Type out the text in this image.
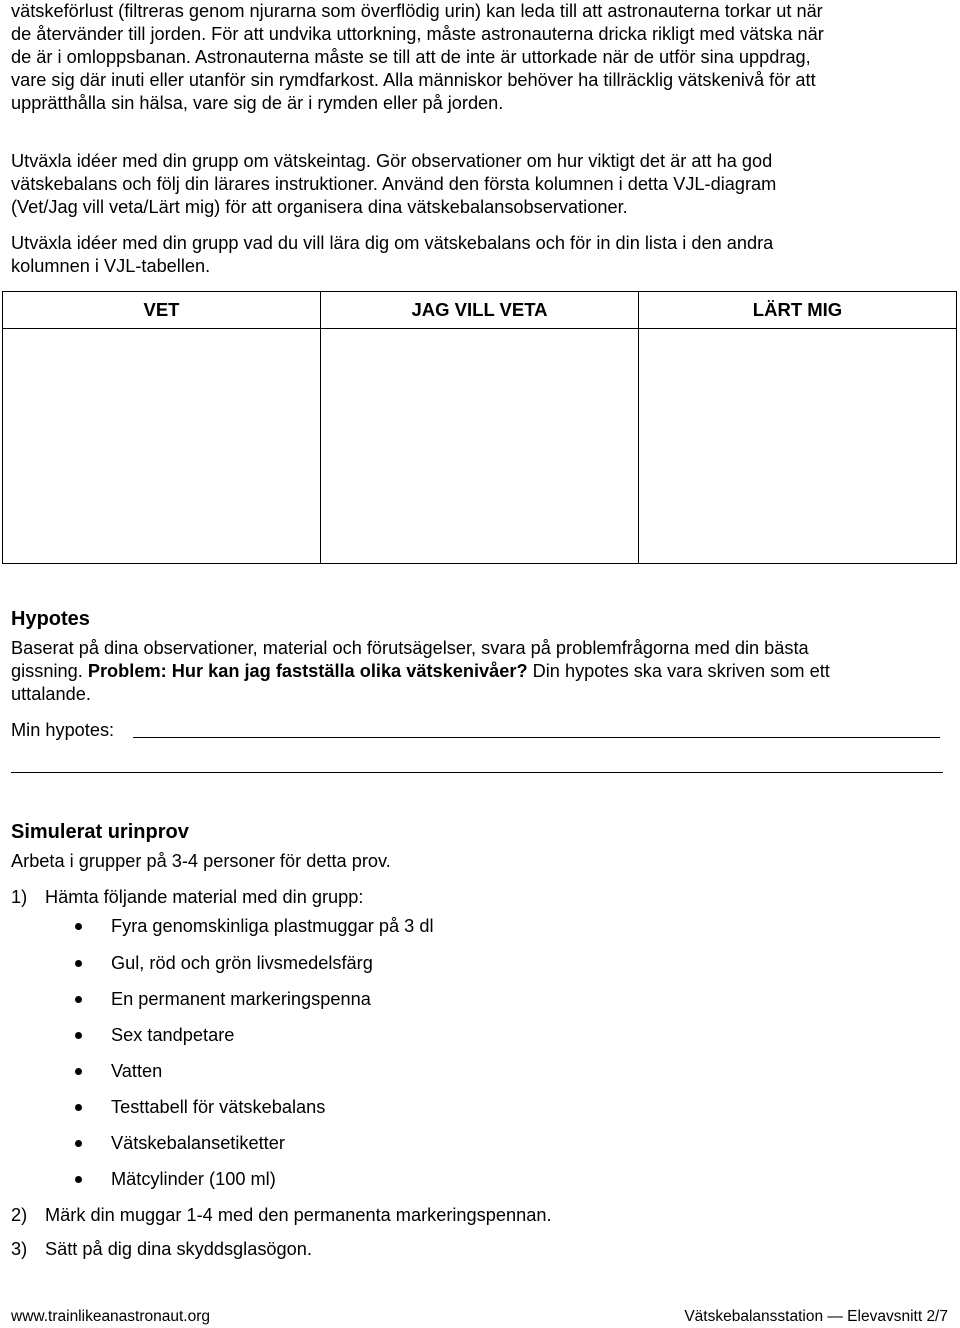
vätskeförlust (filtreras genom njurarna som överflödig urin) kan leda till att astronauterna torkar ut när
de återvänder till jorden. För att undvika uttorkning, måste astronauterna dricka rikligt med vätska när
de är i omloppsbanan. Astronauterna måste se till att de inte är uttorkade när de utför sina uppdrag,
vare sig där inuti eller utanför sin rymdfarkost. Alla människor behöver ha tillräcklig vätskenivå för att
upprätthålla sin hälsa, vare sig de är i rymden eller på jorden.
Utväxla idéer med din grupp om vätskeintag. Gör observationer om hur viktigt det är att ha god
vätskebalans och följ din lärares instruktioner. Använd den första kolumnen i detta VJL-diagram
(Vet/Jag vill veta/Lärt mig) för att organisera dina vätskebalansobservationer.
Utväxla idéer med din grupp vad du vill lära dig om vätskebalans och för in din lista i den andra
kolumnen i VJL-tabellen.
VET	JAG VILL VETA	LÄRT MIG

Hypotes
Baserat på dina observationer, material och förutsägelser, svara på problemfrågorna med din bästa
gissning. Problem: Hur kan jag fastställa olika vätskenivåer? Din hypotes ska vara skriven som ett
uttalande.
Min hypotes:
Simulerat urinprov
Arbeta i grupper på 3-4 personer för detta prov.
1) Hämta följande material med din grupp:
Fyra genomskinliga plastmuggar på 3 dl
Gul, röd och grön livsmedelsfärg
En permanent markeringspenna
Sex tandpetare
Vatten
Testtabell för vätskebalans
Vätskebalansetiketter
Mätcylinder (100 ml)
2) Märk din muggar 1-4 med den permanenta markeringspennan.
3) Sätt på dig dina skyddsglasögon.
www.trainlikeanastronaut.org	Vätskebalansstation — Elevavsnitt 2/7
